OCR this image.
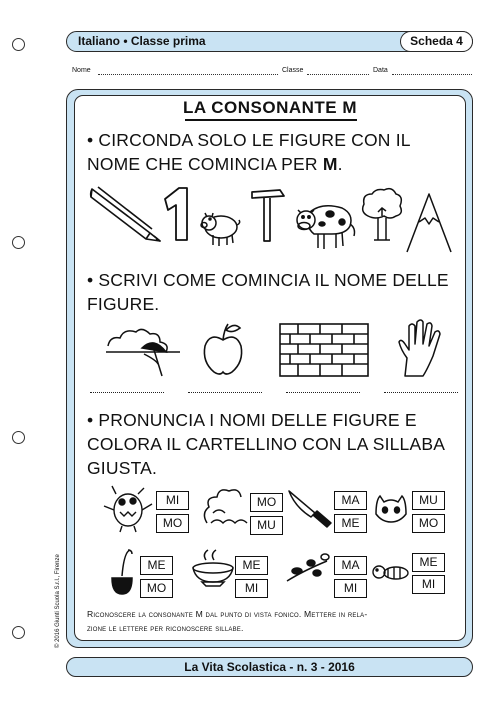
Italiano • Classe prima	Scheda 4
Nome	Classe	Data
LA CONSONANTE M
• CIRCONDA SOLO LE FIGURE CON IL
NOME CHE COMINCIA PER M.
• SCRIVI COME COMINCIA IL NOME DELLE
FIGURE.
• PRONUNCIA I NOMI DELLE FIGURE E
COLORA IL CARTELLINO CON LA SILLABA
GIUSTA.
MI
MO
MO
MU
MA
ME
MU
MO
ME
MO
ME
MI
MA
MI
ME
MI
Riconoscere la consonante M dal punto di vista fonico. Mettere in rela-
zione le lettere per riconoscere sillabe.
© 2016 Giunti Scuola S.r.l., Firenze
La Vita Scolastica - n. 3 - 2016
